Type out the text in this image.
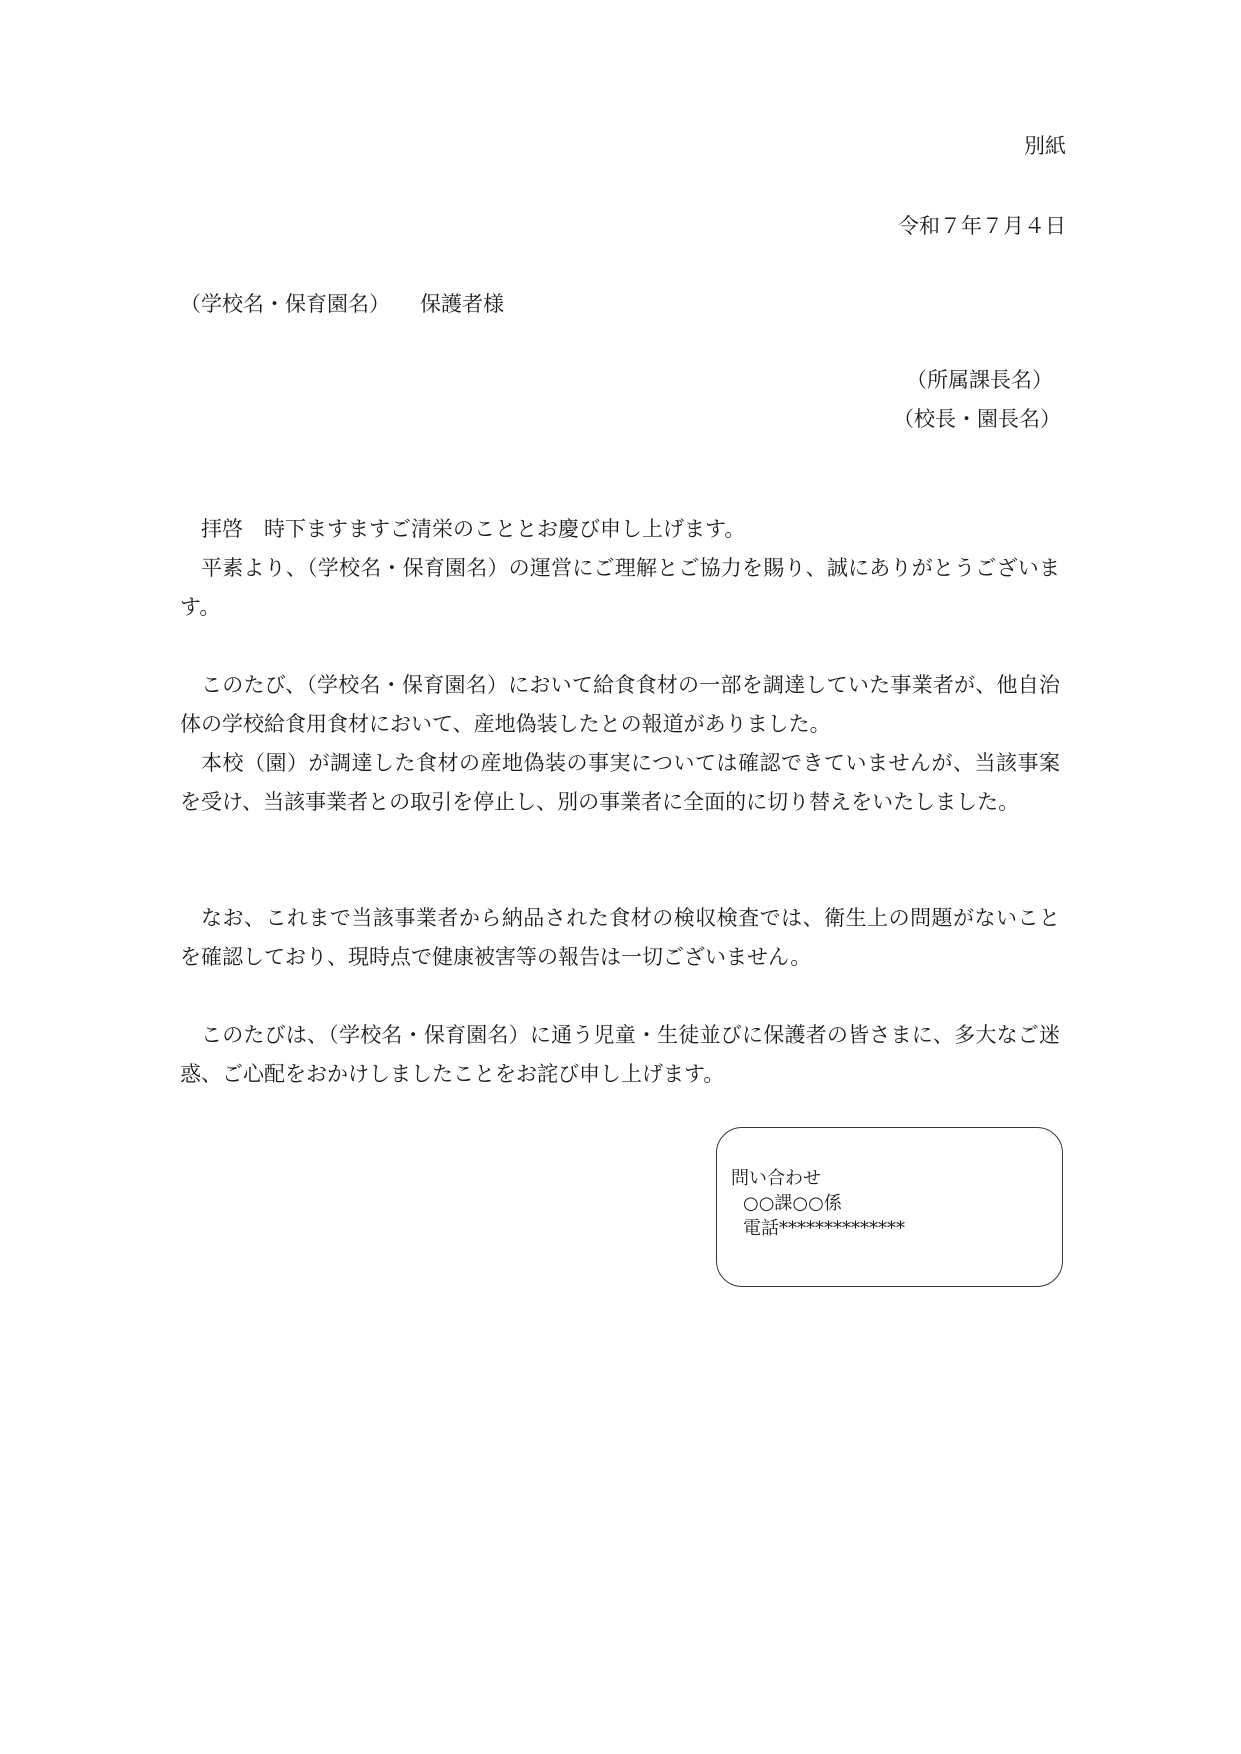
別紙
令和７年７月４日
（学校名・保育園名） 保護者様
（所属課長名）
（校長・園長名）

拝啓　時下ますますご清栄のこととお慶び申し上げます。

平素より、（学校名・保育園名）の運営にご理解とご協力を賜り、誠にありがとうございます。

このたび、（学校名・保育園名）において給食食材の一部を調達していた事業者が、他自治体の学校給食用食材において、産地偽装したとの報道がありました。

本校（園）が調達した食材の産地偽装の事実については確認できていませんが、当該事案を受け、当該事業者との取引を停止し、別の事業者に全面的に切り替えをいたしました。

なお、これまで当該事業者から納品された食材の検収検査では、衛生上の問題がないことを確認しており、現時点で健康被害等の報告は一切ございません。

このたびは、（学校名・保育園名）に通う児童・生徒並びに保護者の皆さまに、多大なご迷惑、ご心配をおかけしましたことをお詫び申し上げます。

問い合わせ
○○課○○係
電話**************
